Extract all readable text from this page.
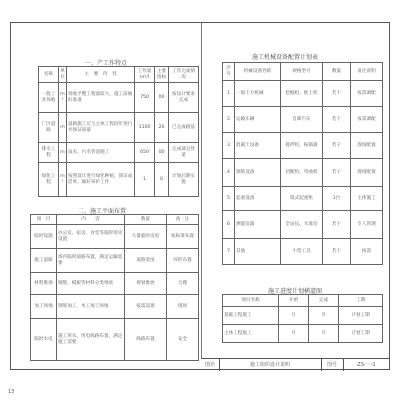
一、产工作特点
名称	单位	主　要　内　容	工作量(m³)	主要指标	工作完成情况
一般工业场地	m²	场地平整工程量较大，施工前做好准备	750	00	按设计要求完成
厂区道路	m	道路施工应与主体工程同步进行并保证质量	1100	20	已完成路基
排水工程	m	雨水、污水管道施工	650	00	完成部分管道
绿化工程	m²	按照设计进行绿化种植，保证成活率，做好养护工作	1	0	计划后期实施
二、施工平面布置
项　目	内　　容	数量	备　注
临时设施	办公室、宿舍、食堂等临时用房设置	大量临时房屋	按标准布置
施工道路	场内临时道路布置，满足运输需要	道路宽度	环形布置
材料堆场	钢筋、模板等材料分类堆放	规划堆放	合理
加工场地	钢筋加工、木工加工场地	按需设置	现场
临时水电	施工用水、用电线路布置，满足施工需要	线路布置	安全
施工机械设备配置计划表
序号	机械设备名称	规格型号	数量	备注说明
1	一般土方机械	挖掘机、推土机	若干	按需调配
2	运输车辆	自卸汽车	若干	按需调配
3	混凝土设备	搅拌机、振捣器	若干	现场配置
4	钢筋设备	切断机、弯曲机	若干	现场配置
5	起重设备	塔式起重机	1台	主体施工
6	测量仪器	全站仪、水准仪	若干	专人管理
7	其他	小型工具	若干	按需
施工进度计划横道图
项目名称	开始	完成	工期
基础工程施工	月	月	计划工期
主体工程施工	月	月	计划工期
图名	施工组织设计说明	图号	ZS-一-1
13
